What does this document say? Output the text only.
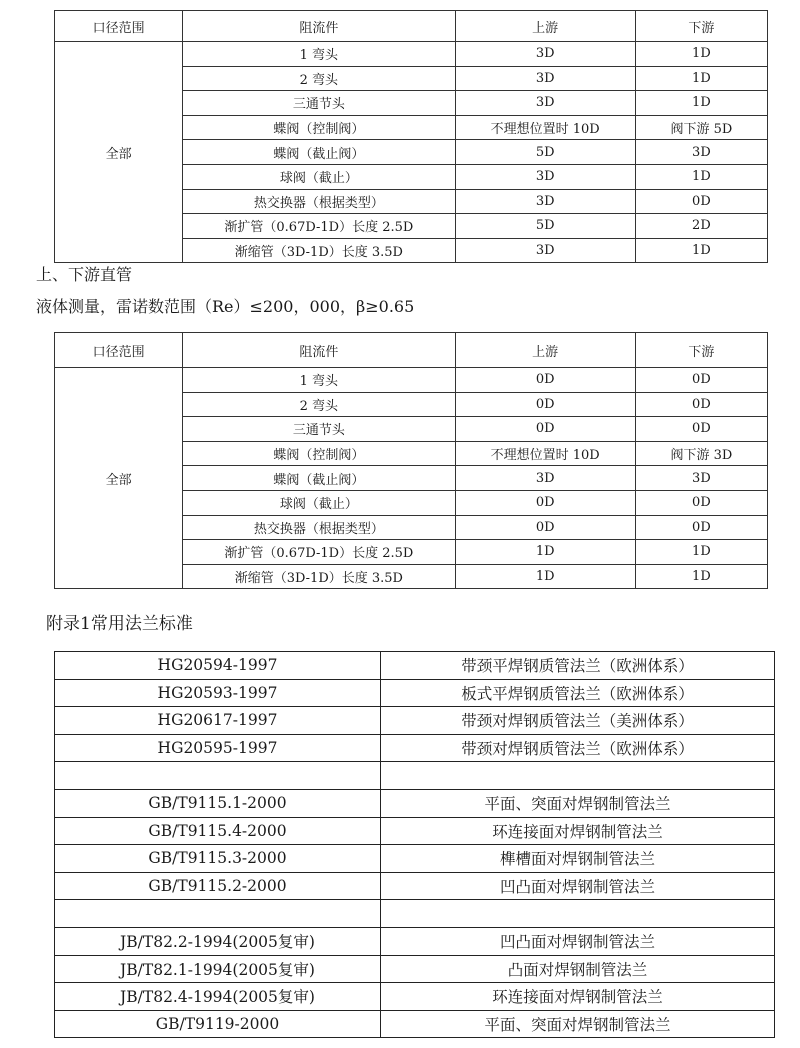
口径范围	阻流件	上游	下游
全部	1 弯头	3D	1D
	2 弯头	3D	1D
	三通节头	3D	1D
	蝶阀（控制阀）	不理想位置时 10D	阀下游 5D
	蝶阀（截止阀）	5D	3D
	球阀（截止）	3D	1D
	热交换器（根据类型）	3D	0D
	渐扩管（0.67D-1D）长度 2.5D	5D	2D
	渐缩管（3D-1D）长度 3.5D	3D	1D
上、下游直管
液体测量，雷诺数范围（Re）≤200，000，β≥0.65
口径范围	阻流件	上游	下游
全部	1 弯头	0D	0D
	2 弯头	0D	0D
	三通节头	0D	0D
	蝶阀（控制阀）	不理想位置时 10D	阀下游 3D
	蝶阀（截止阀）	3D	3D
	球阀（截止）	0D	0D
	热交换器（根据类型）	0D	0D
	渐扩管（0.67D-1D）长度 2.5D	1D	1D
	渐缩管（3D-1D）长度 3.5D	1D	1D
附录1常用法兰标准
HG20594-1997	带颈平焊钢质管法兰（欧洲体系）
HG20593-1997	板式平焊钢质管法兰（欧洲体系）
HG20617-1997	带颈对焊钢质管法兰（美洲体系）
HG20595-1997	带颈对焊钢质管法兰（欧洲体系）

GB/T9115.1-2000	平面、突面对焊钢制管法兰
GB/T9115.4-2000	环连接面对焊钢制管法兰
GB/T9115.3-2000	榫槽面对焊钢制管法兰
GB/T9115.2-2000	凹凸面对焊钢制管法兰

JB/T82.2-1994(2005复审)	凹凸面对焊钢制管法兰
JB/T82.1-1994(2005复审)	凸面对焊钢制管法兰
JB/T82.4-1994(2005复审)	环连接面对焊钢制管法兰
GB/T9119-2000	平面、突面对焊钢制管法兰
